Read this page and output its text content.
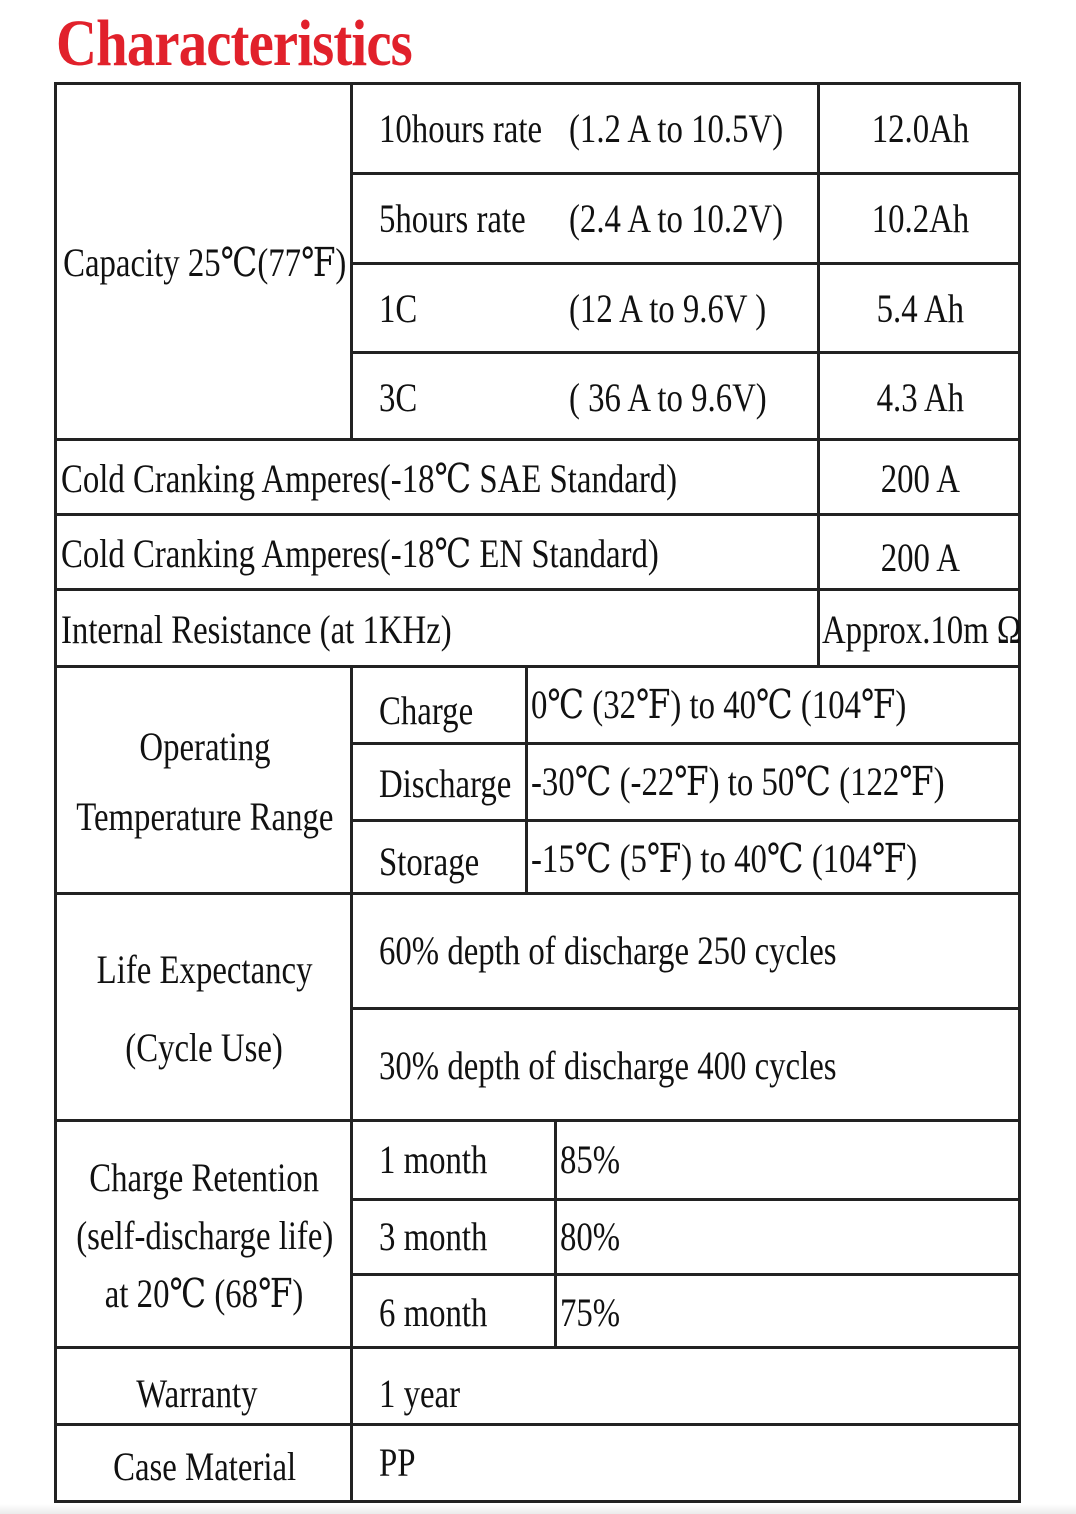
Characteristics
Capacity 25℃(77℉)
10hours rate (1.2 A to 10.5V) 12.0Ah
5hours rate (2.4 A to 10.2V) 10.2Ah
1C	(12 A to 9.6V )	5.4 Ah
3C	( 36 A to 9.6V)	4.3 Ah
Cold Cranking Amperes(-18℃ SAE Standard)	200 A
Cold Cranking Amperes(-18℃ EN Standard)	200 A
Internal Resistance (at 1KHz)	Approx.10m Ω
Operating
Temperature Range
Charge 0℃ (32℉) to 40℃ (104℉)
Discharge -30℃ (-22℉) to 50℃ (122℉)
Storage -15℃ (5℉) to 40℃ (104℉)
Life Expectancy
(Cycle Use)
60% depth of discharge 250 cycles
30% depth of discharge 400 cycles
Charge Retention
(self-discharge life)
at 20℃ (68℉)
1 month 85%
3 month 80%
6 month 75%
Warranty	1 year
Case Material PP
